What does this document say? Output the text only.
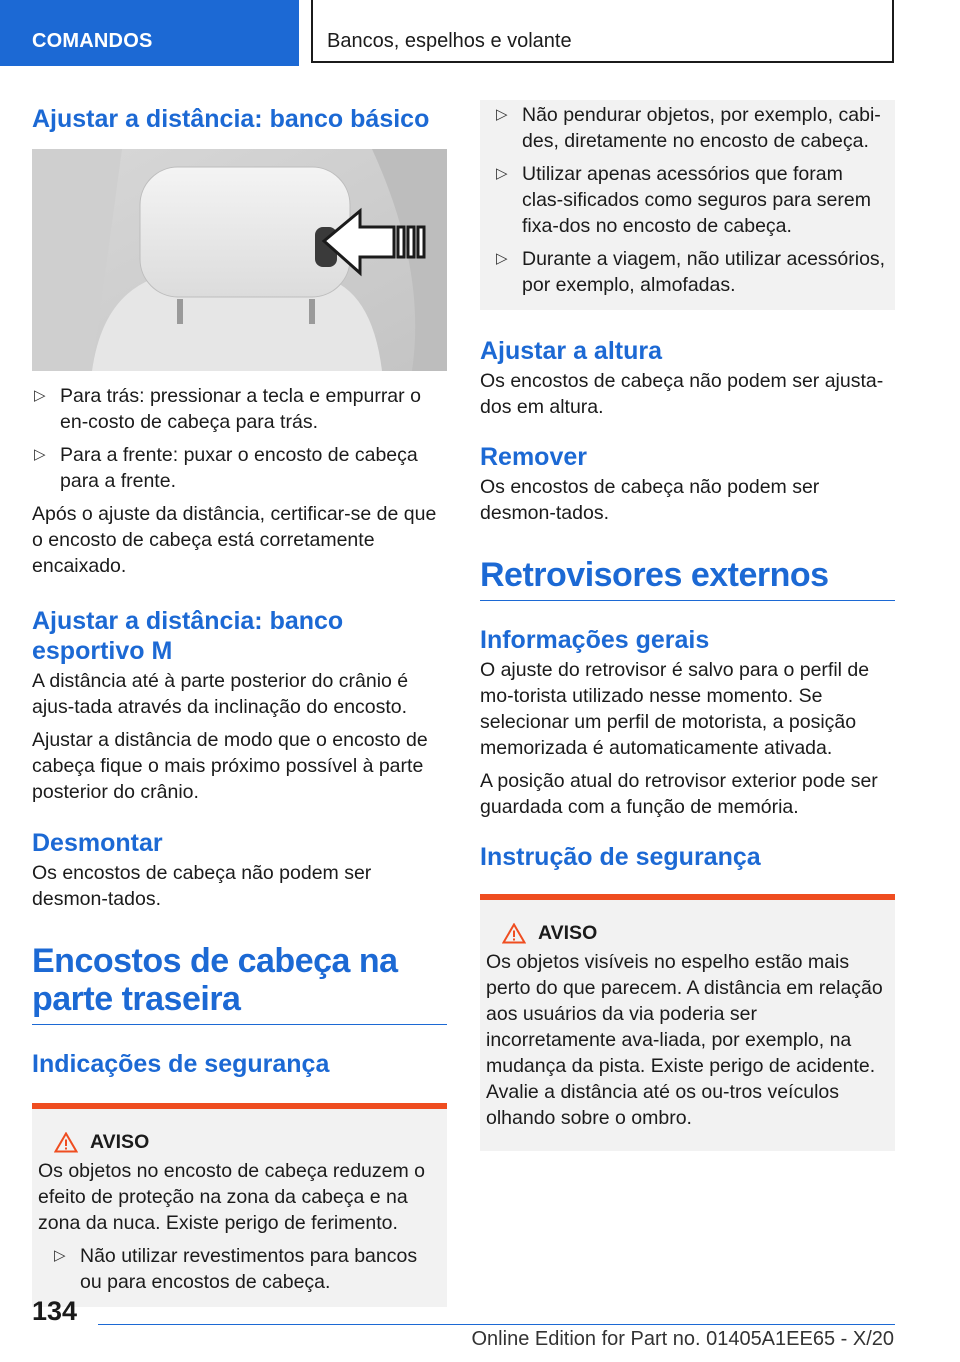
COMANDOS	Bancos, espelhos e volante
Ajustar a distância: banco básico
▷ Para trás: pressionar a tecla e empurrar o en-costo de cabeça para trás.
▷ Para a frente: puxar o encosto de cabeça para a frente.

Após o ajuste da distância, certificar-se de que o encosto de cabeça está corretamente encaixado.

Ajustar a distância: banco esportivo M

A distância até à parte posterior do crânio é ajus-tada através da inclinação do encosto.

Ajustar a distância de modo que o encosto de cabeça fique o mais próximo possível à parte posterior do crânio.

Desmontar

Os encostos de cabeça não podem ser desmon-tados.

Encostos de cabeça na parte traseira
Indicações de segurança
AVISO

Os objetos no encosto de cabeça reduzem o efeito de proteção na zona da cabeça e na zona da nuca. Existe perigo de ferimento.

▷ Não utilizar revestimentos para bancos ou para encostos de cabeça.
▷ Não pendurar objetos, por exemplo, cabi-des, diretamente no encosto de cabeça.
▷ Utilizar apenas acessórios que foram clas-sificados como seguros para serem fixa-dos no encosto de cabeça.
▷ Durante a viagem, não utilizar acessórios, por exemplo, almofadas.
Ajustar a altura

Os encostos de cabeça não podem ser ajusta-dos em altura.

Remover

Os encostos de cabeça não podem ser desmon-tados.

Retrovisores externos
Informações gerais

O ajuste do retrovisor é salvo para o perfil de mo-torista utilizado nesse momento. Se selecionar um perfil de motorista, a posição memorizada é automaticamente ativada.

A posição atual do retrovisor exterior pode ser guardada com a função de memória.

Instrução de segurança
AVISO

Os objetos visíveis no espelho estão mais perto do que parecem. A distância em relação aos usuários da via poderia ser incorretamente ava-liada, por exemplo, na mudança da pista. Existe perigo de acidente. Avalie a distância até os ou-tros veículos olhando sobre o ombro.

134
Online Edition for Part no. 01405A1EE65 - X/20
